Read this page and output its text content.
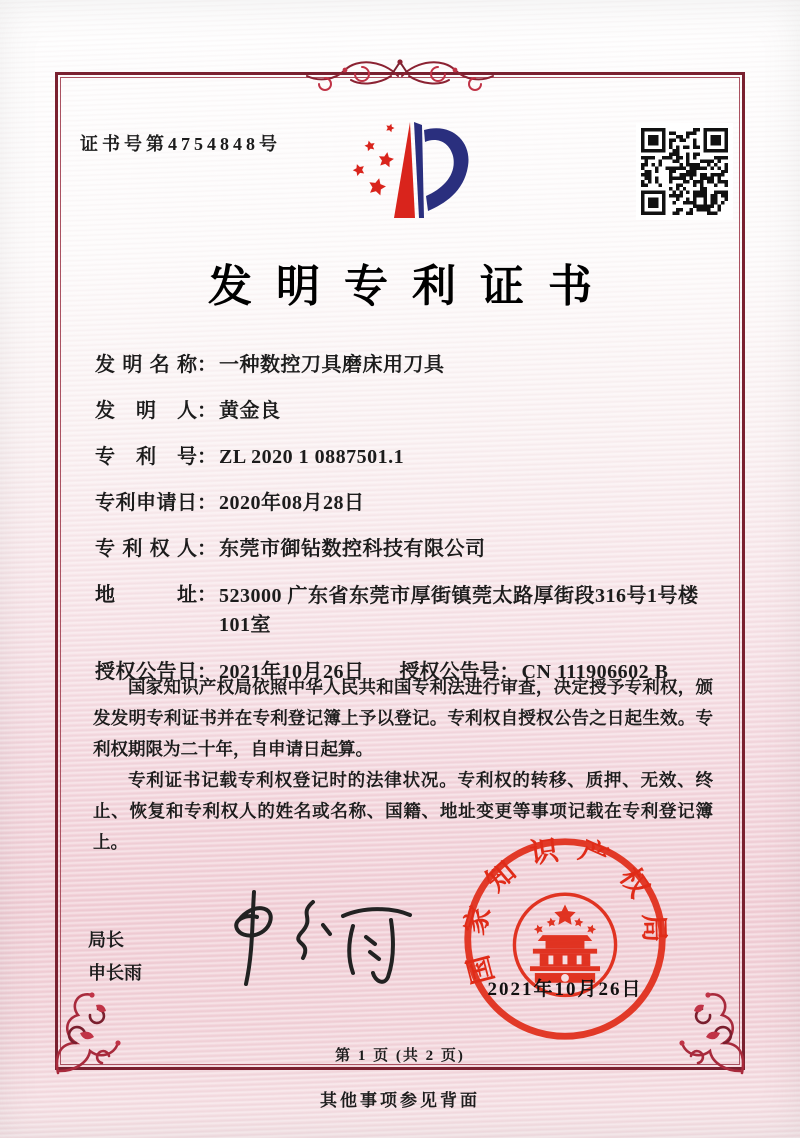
证书号第4754848号
发明专利证书
发明名称： 一种数控刀具磨床用刀具
发明人： 黄金良
专利号： ZL 2020 1 0887501.1
专利申请日： 2020年08月28日
专利权人： 东莞市御钻数控科技有限公司
地址： 523000 广东省东莞市厚街镇莞太路厚街段316号1号楼101室
授权公告日： 2021年10月26日 授权公告号： CN 111906602 B

国家知识产权局依照中华人民共和国专利法进行审查，决定授予专利权，颁发发明专利证书并在专利登记簿上予以登记。专利权自授权公告之日起生效。专利权期限为二十年，自申请日起算。

专利证书记载专利权登记时的法律状况。专利权的转移、质押、无效、终止、恢复和专利权人的姓名或名称、国籍、地址变更等事项记载在专利登记簿上。

局长
申长雨	国家知识产权局
2021年10月26日
第 1 页 (共 2 页)
其他事项参见背面
